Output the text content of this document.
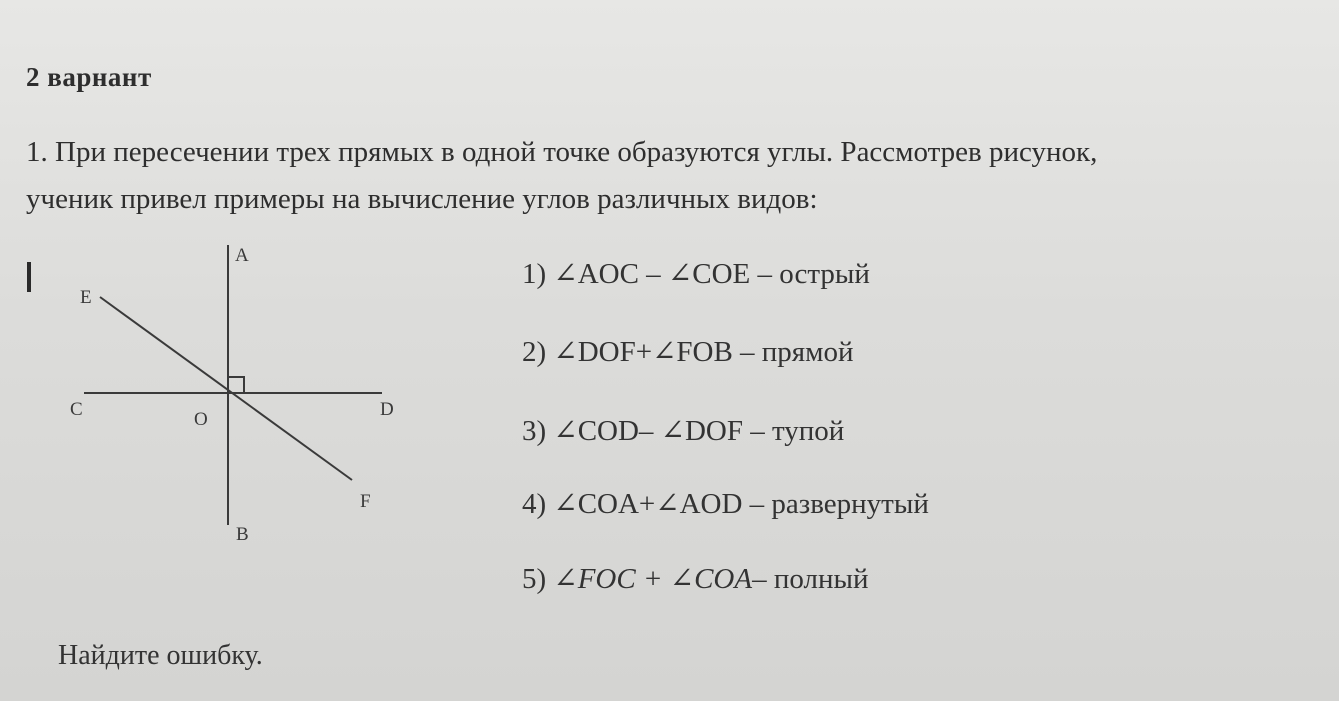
2 варнант
1. При пересечении трех прямых в одной точке образуются углы. Рассмотрев рисунок,
ученик привел примеры на вычисление углов различных видов:
A
B
C	D
E
F
O
1) ∠AOC – ∠COE – острый
2) ∠DOF+∠FOB – прямой
3) ∠COD– ∠DOF – тупой
4) ∠COA+∠AOD – развернутый
5) ∠FOC + ∠COA– полный
Найдите ошибку.
